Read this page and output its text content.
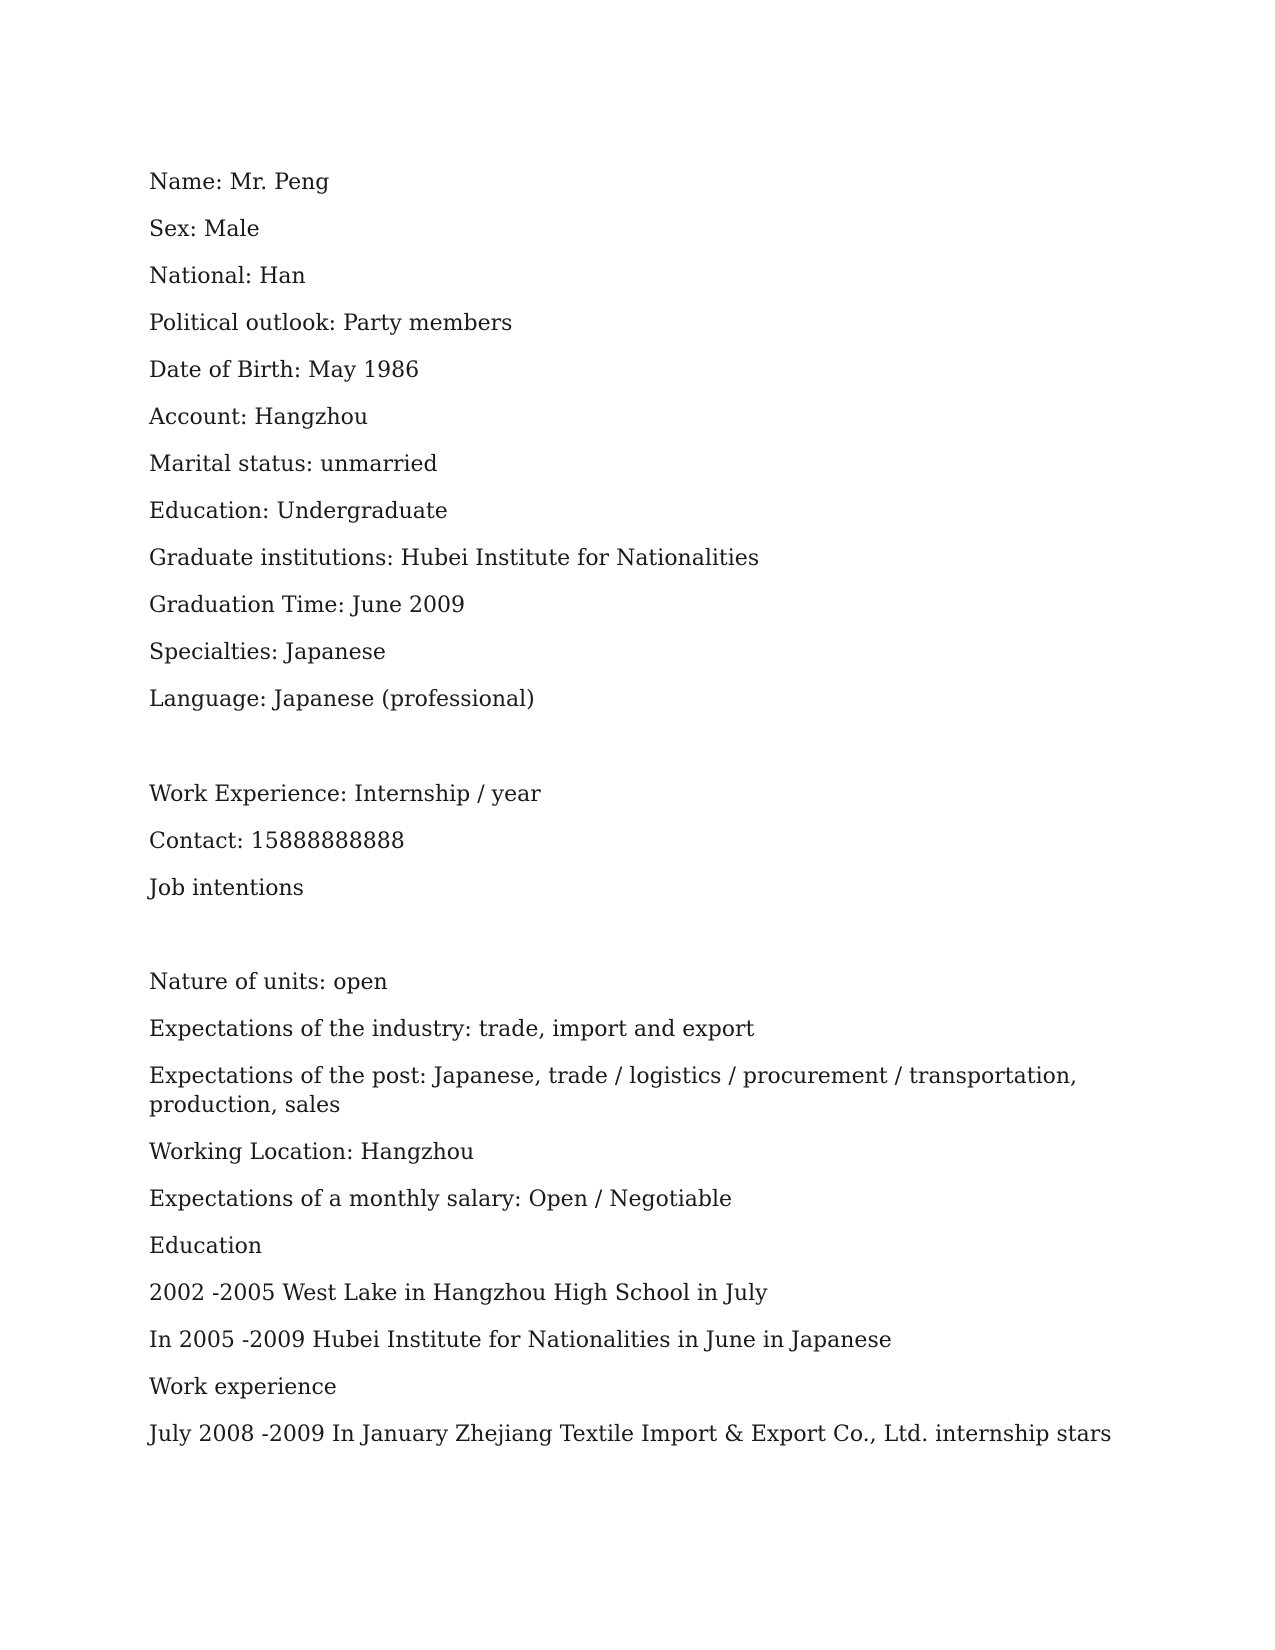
Name: Mr. Peng
Sex: Male
National: Han
Political outlook: Party members
Date of Birth: May 1986
Account: Hangzhou
Marital status: unmarried
Education: Undergraduate
Graduate institutions: Hubei Institute for Nationalities
Graduation Time: June 2009
Specialties: Japanese
Language: Japanese (professional)
Work Experience: Internship / year
Contact: 15888888888
Job intentions
Nature of units: open
Expectations of the industry: trade, import and export
Expectations of the post: Japanese, trade / logistics / procurement / transportation, production, sales
Working Location: Hangzhou
Expectations of a monthly salary: Open / Negotiable
Education
2002 -2005 West Lake in Hangzhou High School in July
In 2005 -2009 Hubei Institute for Nationalities in June in Japanese
Work experience
July 2008 -2009 In January Zhejiang Textile Import & Export Co., Ltd. internship stars
